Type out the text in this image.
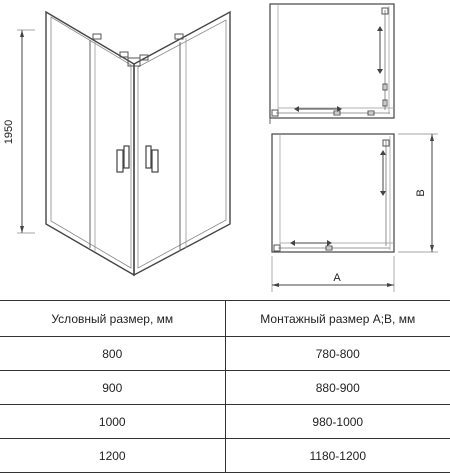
1950
A
B
Условный размер, мм	Монтажный размер A;B, мм
800	780-800
900	880-900
1000	980-1000
1200	1180-1200
